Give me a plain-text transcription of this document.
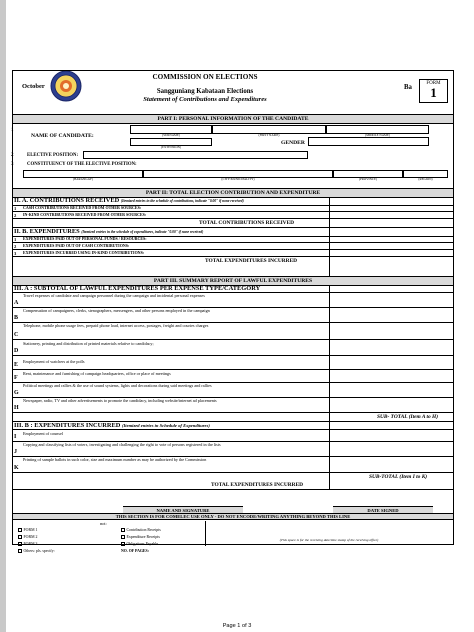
October
COMMISSION ON ELECTIONS
Sangguniang Kabataan Elections
Statement of Contributions and Expenditures
Ba
FORM
1
PART I: PERSONAL INFORMATION OF THE CANDIDATE
1
2
3
NAME OF CANDIDATE:	(SURNAME)	(FIRST NAME)	(MIDDLE NAME)
(EXTENSION)
GENDER
ELECTIVE POSITION:
CONSTITUENCY OF THE ELECTIVE POSITION:
(BARANGAY)	(CITY/MUNICIPALITY)	(PROVINCE)	(REGION)
PART II: TOTAL ELECTION CONTRIBUTION AND EXPENDITURE
II. A. CONTRIBUTIONS RECEIVED (Itemized entries in the schedule of contributions, indicate "0.00" if none received)
1 CASH CONTRIBUTIONS RECEIVED FROM OTHER SOURCES:
2 IN-KIND CONTRIBUTIONS RECEIVED FROM OTHER SOURCES:
TOTAL CONTRIBUTIONS RECEIVED
II. B. EXPENDITURES (Itemized entries in the schedule of expenditures, indicate "0.00" if none received)
1 EXPENDITURES PAID OUT OF PERSONAL FUNDS / RESOURCES:
2 EXPENDITURES PAID OUT OF CASH CONTRIBUTIONS:
3 EXPENDITURES INCURRED USING IN-KIND CONTRIBUTIONS:
TOTAL EXPENDITURES INCURRED
PART III. SUMMARY REPORT OF LAWFUL EXPENDITURES
III. A : SUBTOTAL OF LAWFUL EXPENDITURES PER EXPENSE TYPE/CATEGORY
A
Travel expenses of candidate and campaign personnel during the campaign and incidental personal expenses
B
Compensation of campaigners, clerks, stenographers, messengers, and other persons employed in the campaign
C
Telephone, mobile phone usage fees, prepaid phone load, internet access, postages, freight and couries charges
D
Stationery, printing and distribution of printed materials relative to candidacy;
E
Employment of watchers at the polls
F
Rent, maintenance and furnishing of campaign headquarters, office or place of meetings
G
Political meetings and rallies & the use of sound systems, lights and decorations during said meetings and rallies
H
Newspaper, radio, TV and other advertisements to promote the candidacy, including website/internet ad placements
SUB- TOTAL (Item A to H)
III. B : EXPENDITURES INCURRED (Itemized entries in Schedule of Expenditures)
I
Employment of counsel
J
Copying and classifying lists of voters, investigating and challenging the right to vote of persons registered in the lists
K
Printing of sample ballots in such color, size and maximum number as may be authorized by the Commission
SUB-TOTAL (Item I to K)
TOTAL EXPENDITURES INCURRED
NAME AND SIGNATURE	DATE SIGNED
THIS SECTION IS FOR COMELEC USE ONLY - DO NOT ENCODE/WRITING ANYTHING BEYOND THIS LINE
not:
FORM 1
FORM 2
FORM 3
Others: pls. specify:
Contribution Receipts
Expenditure Receipts
Obligations Payable
NO. OF PAGES:
(This space is for the receiving date/time stamp of the receiving office)
Page 1 of 3
